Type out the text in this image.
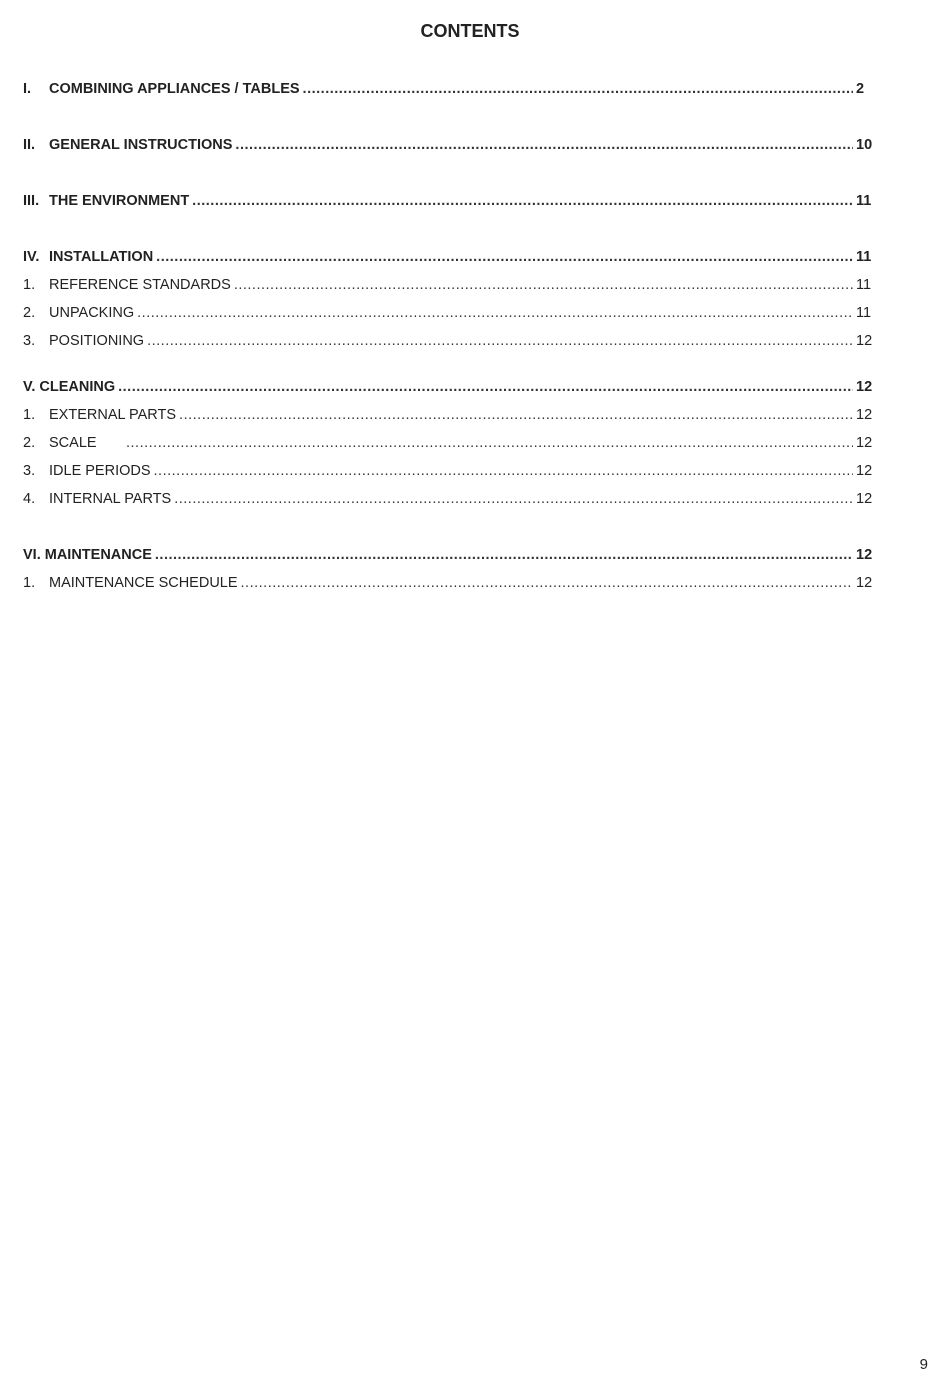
CONTENTS
I.	COMBINING APPLIANCES / TABLES .....	2
II. GENERAL INSTRUCTIONS .....	10
III. THE ENVIRONMENT .....	11
IV. INSTALLATION .....	11
1. REFERENCE STANDARDS .....	11
2. UNPACKING .....	11
3. POSITIONING .....	12
V. CLEANING .....	12
1. EXTERNAL PARTS .....	12
2. SCALE .....	12
3. IDLE PERIODS .....	12
4. INTERNAL PARTS .....	12
VI. MAINTENANCE .....	12
1. MAINTENANCE SCHEDULE .....	12
9
